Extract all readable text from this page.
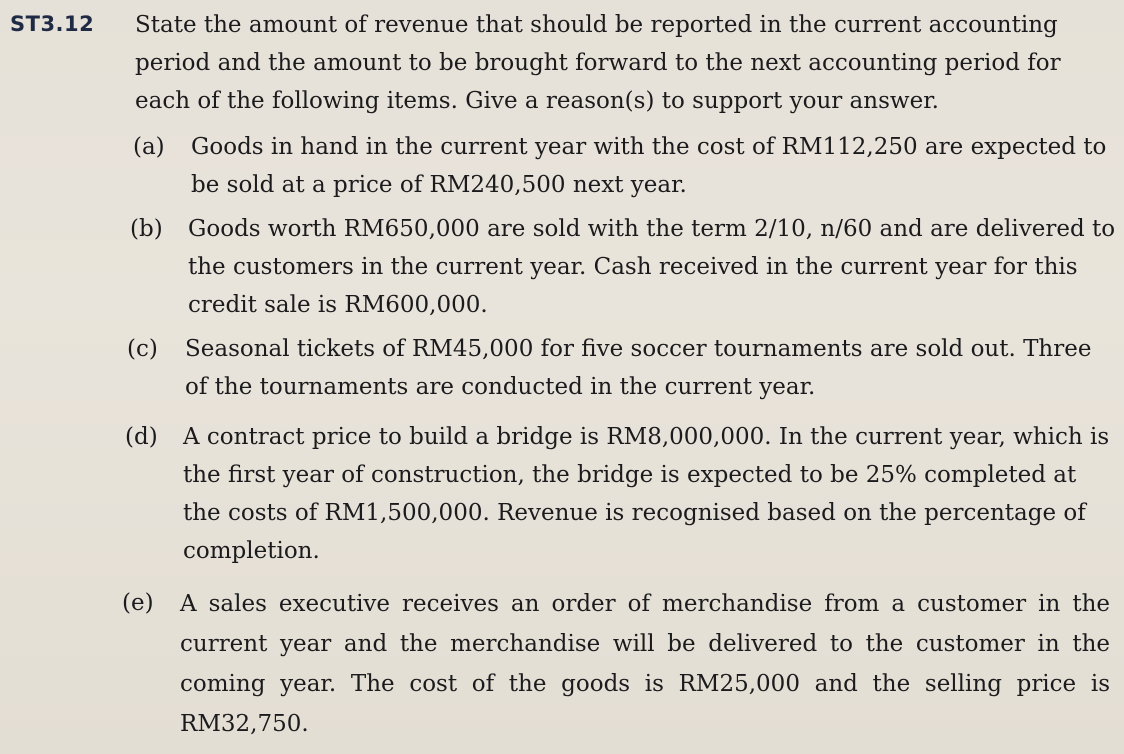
ST3.12 State the amount of revenue that should be reported in the current accounting period and the amount to be brought forward to the next accounting period for each of the following items. Give a reason(s) to support your answer.
(a) Goods in hand in the current year with the cost of RM112,250 are expected to be sold at a price of RM240,500 next year.
(b) Goods worth RM650,000 are sold with the term 2/10, n/60 and are delivered to the customers in the current year. Cash received in the current year for this credit sale is RM600,000.
(c) Seasonal tickets of RM45,000 for five soccer tournaments are sold out. Three of the tournaments are conducted in the current year.
(d) A contract price to build a bridge is RM8,000,000. In the current year, which is the first year of construction, the bridge is expected to be 25% completed at the costs of RM1,500,000. Revenue is recognised based on the percentage of completion.
(e) A sales executive receives an order of merchandise from a customer in the current year and the merchandise will be delivered to the customer in the coming year. The cost of the goods is RM25,000 and the selling price is RM32,750.
